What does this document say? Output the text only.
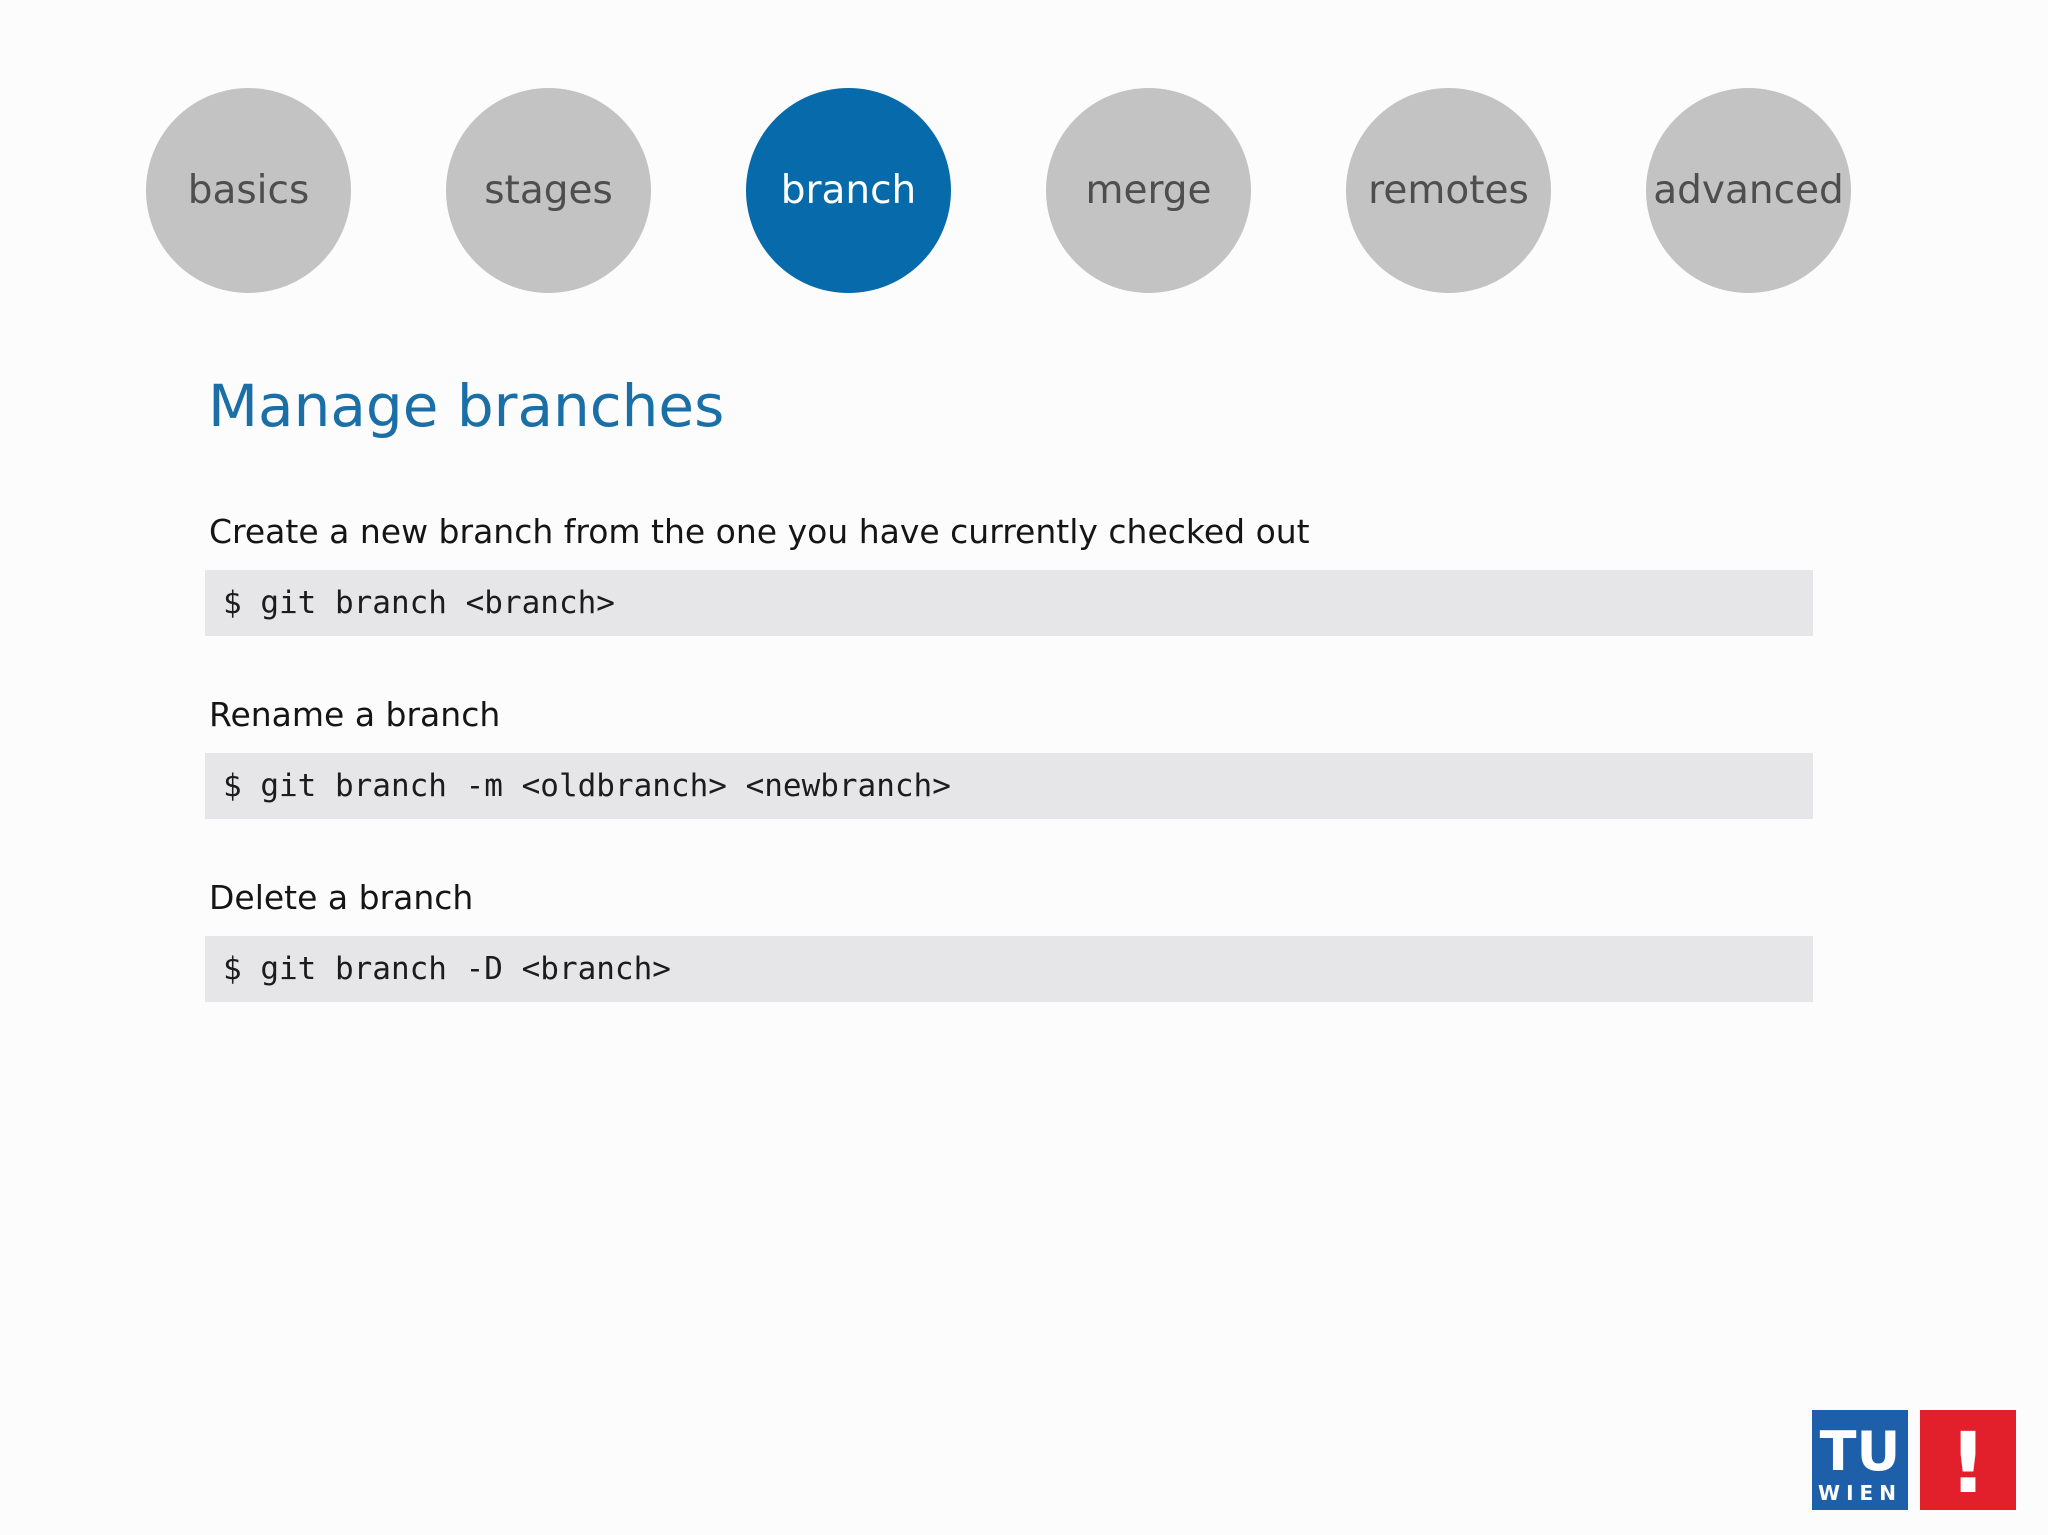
basics	stages	branch	merge	remotes	advanced
Manage branches
Create a new branch from the one you have currently checked out
$ git branch <branch>
Rename a branch
$ git branch -m <oldbranch> <newbranch>
Delete a branch
$ git branch -D <branch>
TU
WIEN !
